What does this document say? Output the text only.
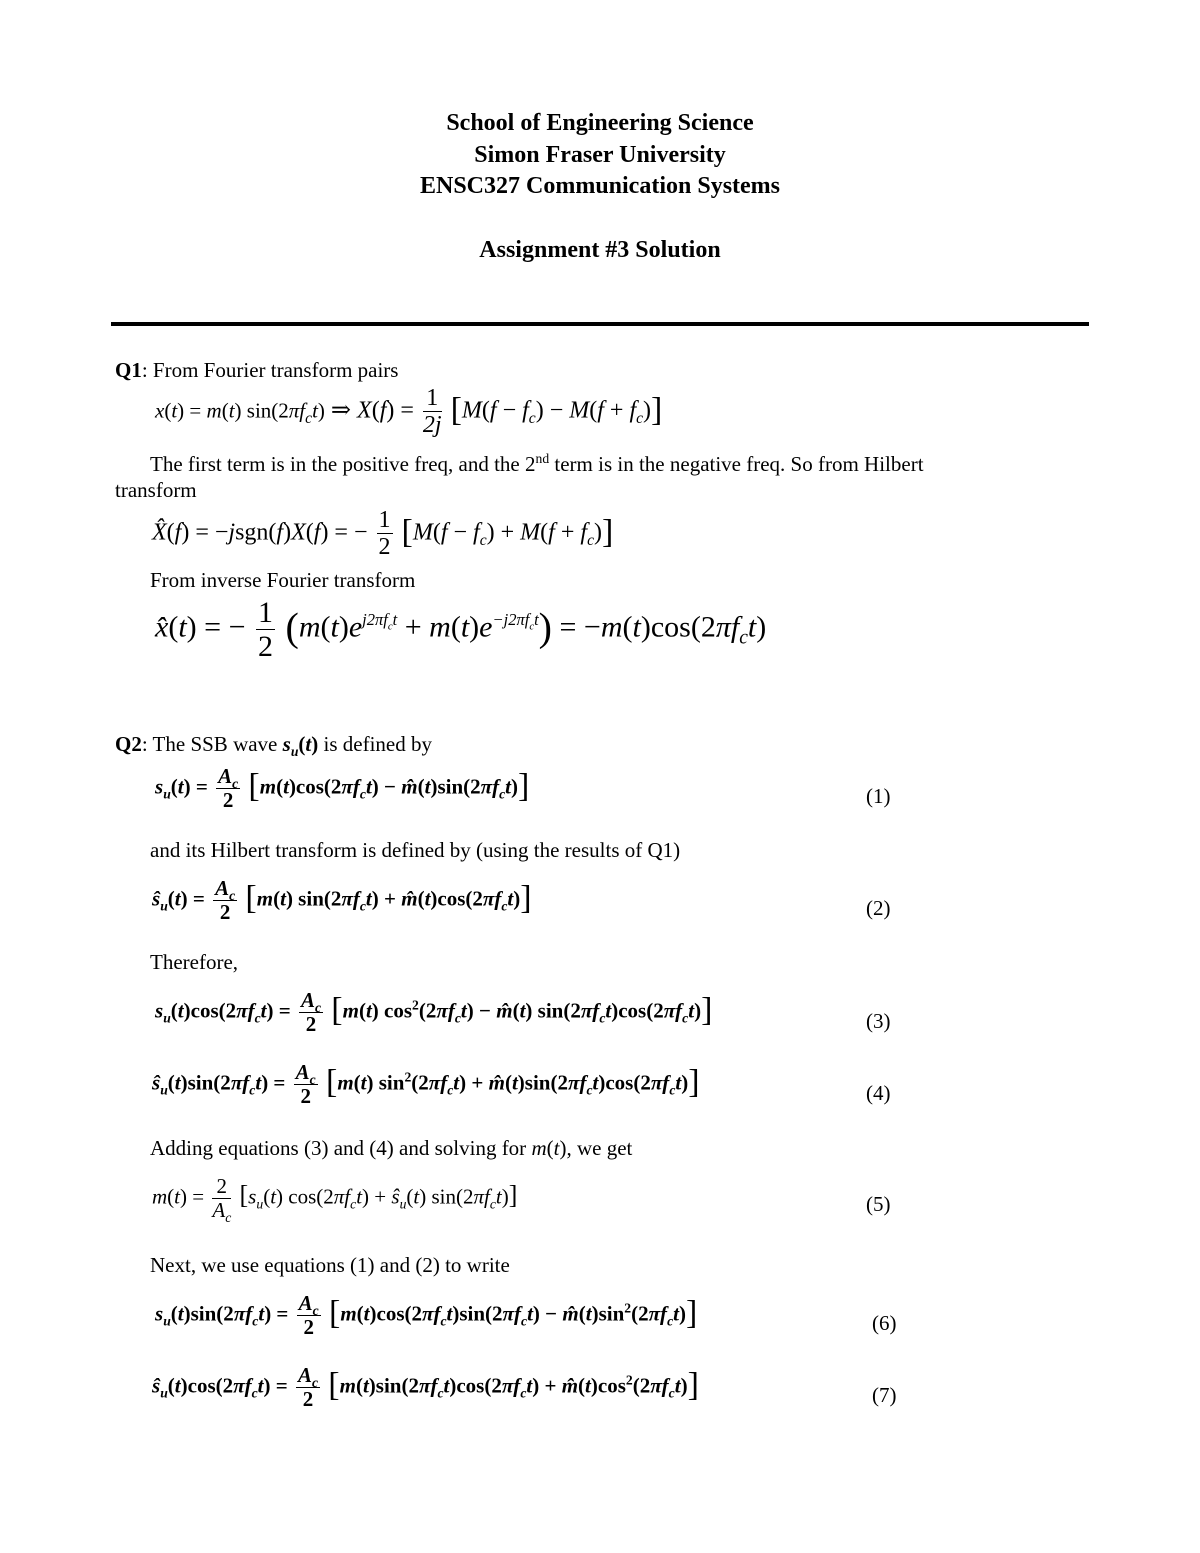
School of Engineering Science
Simon Fraser University
ENSC327 Communication Systems
Assignment #3 Solution
Q1: From Fourier transform pairs
x(t) = m(t) $\sin(2\pi f_ct)$ ⇒ $X(f) = \frac{1}{2j} [M(f - f_c) - M(f + f_c)]$
The first term is in the positive freq, and the 2nd term is in the negative freq. So from Hilbert
transform
X̂(f) = −jsgn(f)X(f) = − $\frac{1}{2} [M(f - f_c) + M(f + f_c)]$
From inverse Fourier transform
x̂(t) = − $\frac{1}{2} (m(t)e^{j2\pi f_ct} + m(t)e^{-j2\pi f_ct}) = -m(t)\cos(2\pi f_ct)$
Q2: The SSB wave $s_u(t)$ is defined by
$s_u(t) = \frac{A_c}{2} [m(t)\cos(2\pi f_ct)$ − $m̂(t)\sin(2\pi f_ct)$]	(1)
and its Hilbert transform is defined by (using the results of Q1)
$ŝ_u(t) = \frac{A_c}{2} [m(t) \sin(2\pi f_ct)$ + $m̂(t)\cos(2\pi f_ct)$]	(2)
Therefore,
$s_u(t)\cos(2\pi f_ct) = \frac{A_c}{2} [m(t) \cos^2(2\pi f_ct)$ − m̂(t) $\sin(2\pi f_ct)\cos(2\pi f_ct)$]	(3)
$ŝ_u(t)\sin(2\pi f_ct) = \frac{A_c}{2} [m(t) \sin^2(2\pi f_ct)$ + $m̂(t)\sin(2\pi f_ct)\cos(2\pi f_ct)$]	(4)
Adding equations (3) and (4) and solving for m(t), we get
$m(t) = \frac{2}{A_c} [s_u(t) \cos(2\pi f_ct)$ + $ŝ_u(t)$ $\sin(2\pi f_ct)$]	(5)
Next, we use equations (1) and (2) to write
$s_u(t)\sin(2\pi f_ct) = \frac{A_c}{2} [m(t)\cos(2\pi f_ct)\sin(2\pi f_ct)$ − $m̂(t)\sin^2(2\pi f_ct)$]	(6)
$ŝ_u(t)\cos(2\pi f_ct) = \frac{A_c}{2} [m(t)\sin(2\pi f_ct)\cos(2\pi f_ct)$ + $m̂(t)\cos^2(2\pi f_ct)$]	(7)
